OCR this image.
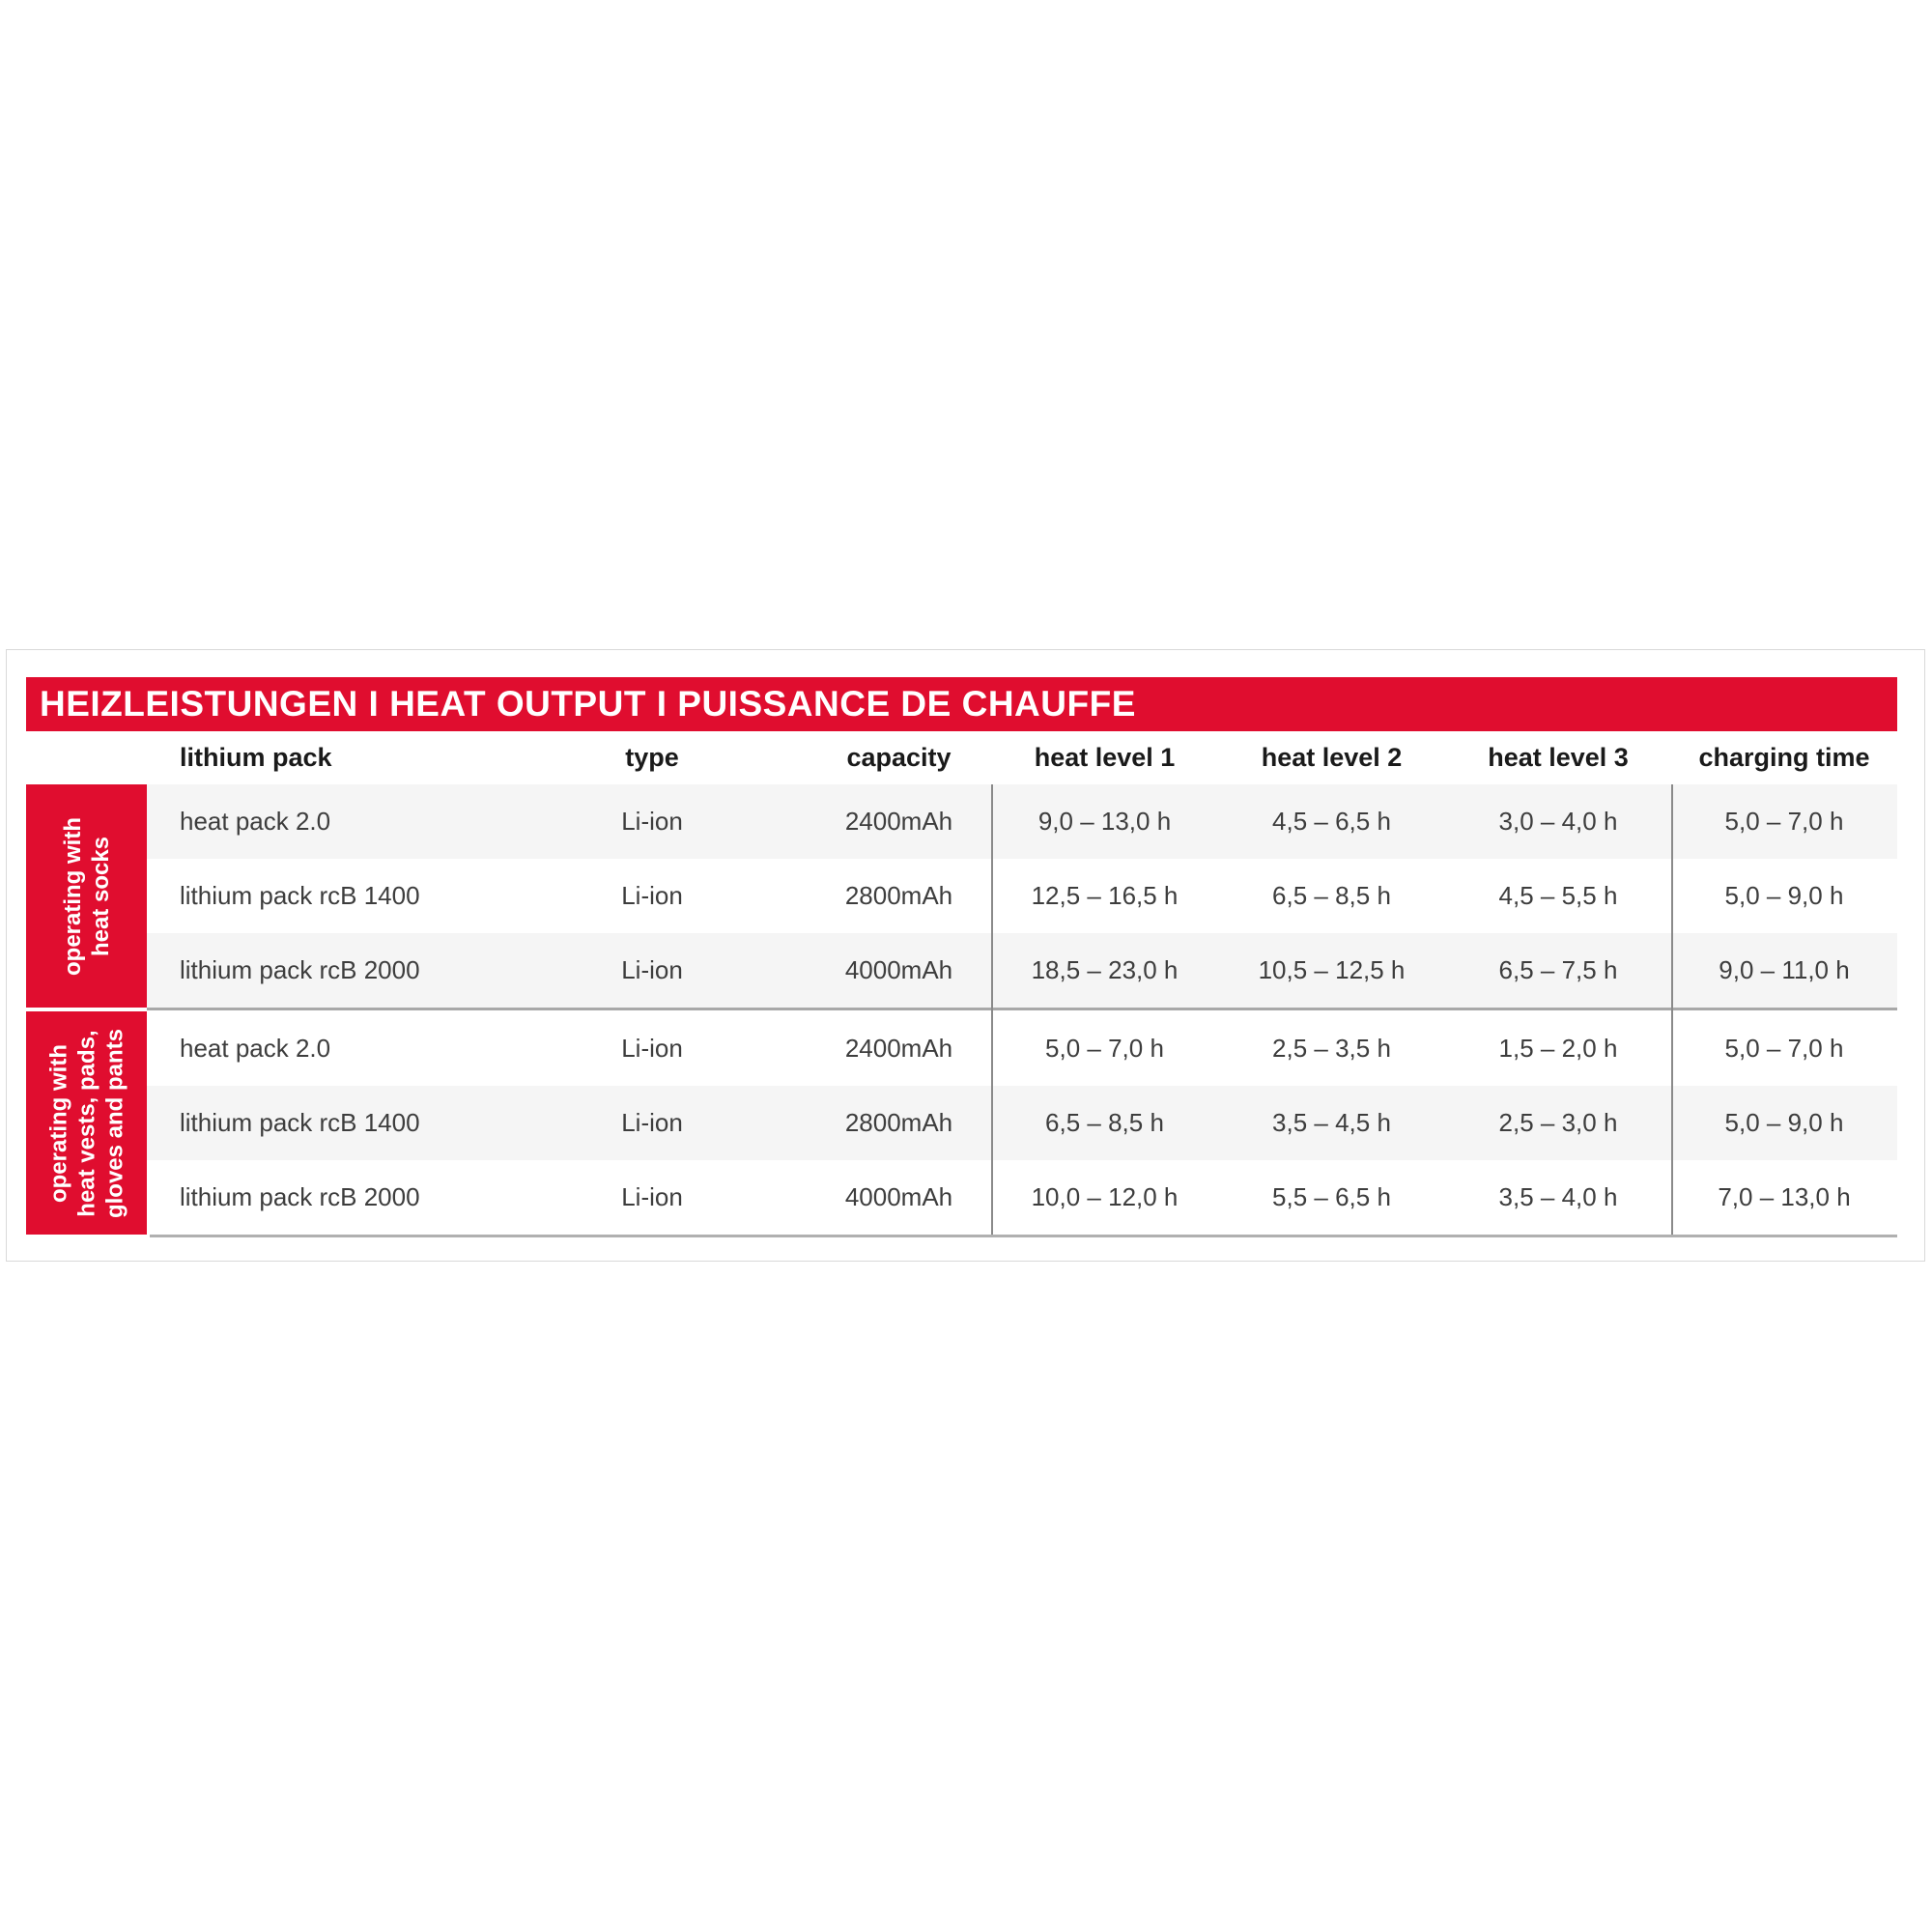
HEIZLEISTUNGEN I HEAT OUTPUT I PUISSANCE DE CHAUFFE
lithium pack	type	capacity	heat level 1	heat level 2	heat level 3	charging time
operating with heat socks
heat pack 2.0	Li-ion	2400mAh	9,0 – 13,0 h	4,5 – 6,5 h	3,0 – 4,0 h	5,0 – 7,0 h
lithium pack rcB 1400	Li-ion	2800mAh	12,5 – 16,5 h	6,5 – 8,5 h	4,5 – 5,5 h	5,0 – 9,0 h
lithium pack rcB 2000	Li-ion	4000mAh	18,5 – 23,0 h	10,5 – 12,5 h	6,5 – 7,5 h	9,0 – 11,0 h
operating with heat vests, pads, gloves and pants	heat pack 2.0	Li-ion	2400mAh	5,0 – 7,0 h	2,5 – 3,5 h	1,5 – 2,0 h	5,0 – 7,0 h
lithium pack rcB 1400	Li-ion	2800mAh	6,5 – 8,5 h	3,5 – 4,5 h	2,5 – 3,0 h	5,0 – 9,0 h
lithium pack rcB 2000	Li-ion	4000mAh	10,0 – 12,0 h	5,5 – 6,5 h	3,5 – 4,0 h	7,0 – 13,0 h
